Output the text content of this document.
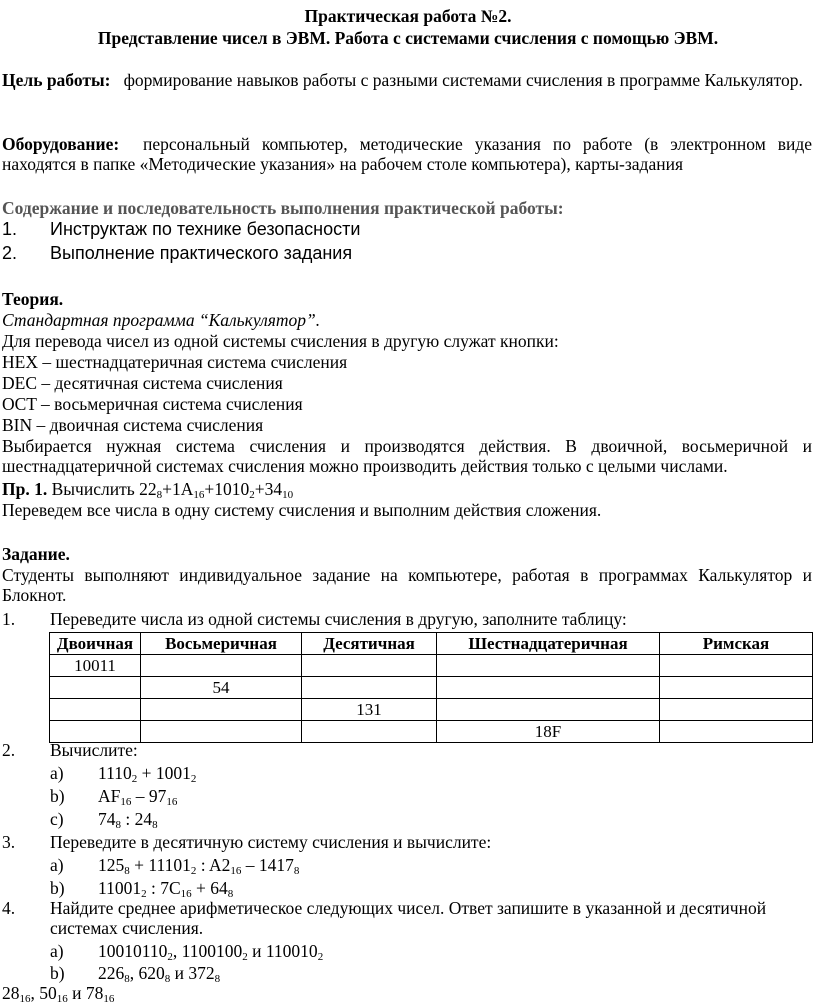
Практическая работа №2.
Представление чисел в ЭВМ. Работа с системами счисления с помощью ЭВМ.
Цель работы: формирование навыков работы с разными системами счисления в программе Калькулятор.
Оборудование: персональный компьютер, методические указания по работе (в электронном виде находятся в папке «Методические указания» на рабочем столе компьютера), карты-задания
Содержание и последовательность выполнения практической работы:
1. Инструктаж по технике безопасности
2. Выполнение практического задания
Теория.
Стандартная программа “Калькулятор”.
Для перевода чисел из одной системы счисления в другую служат кнопки:
HEX – шестнадцатеричная система счисления
DEC – десятичная система счисления
OCT – восьмеричная система счисления
BIN – двоичная система счисления
Выбирается нужная система счисления и производятся действия. В двоичной, восьмеричной и шестнадцатеричной системах счисления можно производить действия только с целыми числами.
Пр. 1. Вычислить $22_8+1A_{16}+1010_2+34_{10}$
Переведем все числа в одну систему счисления и выполним действия сложения.
Задание.
Студенты выполняют индивидуальное задание на компьютере, работая в программах Калькулятор и Блокнот.
1. Переведите числа из одной системы счисления в другую, заполните таблицу:
Двоичная	Восьмеричная	Десятичная	Шестнадцатеричная	Римская
10011				
	54			
		131		
			18F	
2. Вычислите:
a) $1110_2 + 1001_2$
b) $AF_{16} - 97_{16}$
c) $74_8$ : $24_8$
3. Переведите в десятичную систему счисления и вычислите:
a) $125_8 + 11101_2$ : $A2_{16} - 1417_8$
b) $11001_2$ : $7C_{16} + 64_8$
4. Найдите среднее арифметическое следующих чисел. Ответ запишите в указанной и десятичной системах счисления.
a) $10010110_2$, $1100100_2$ и $110010_2$
b) $226_8$, $620_8$ и $372_8$
$28_{16}$, $50_{16}$ и $78_{16}$
